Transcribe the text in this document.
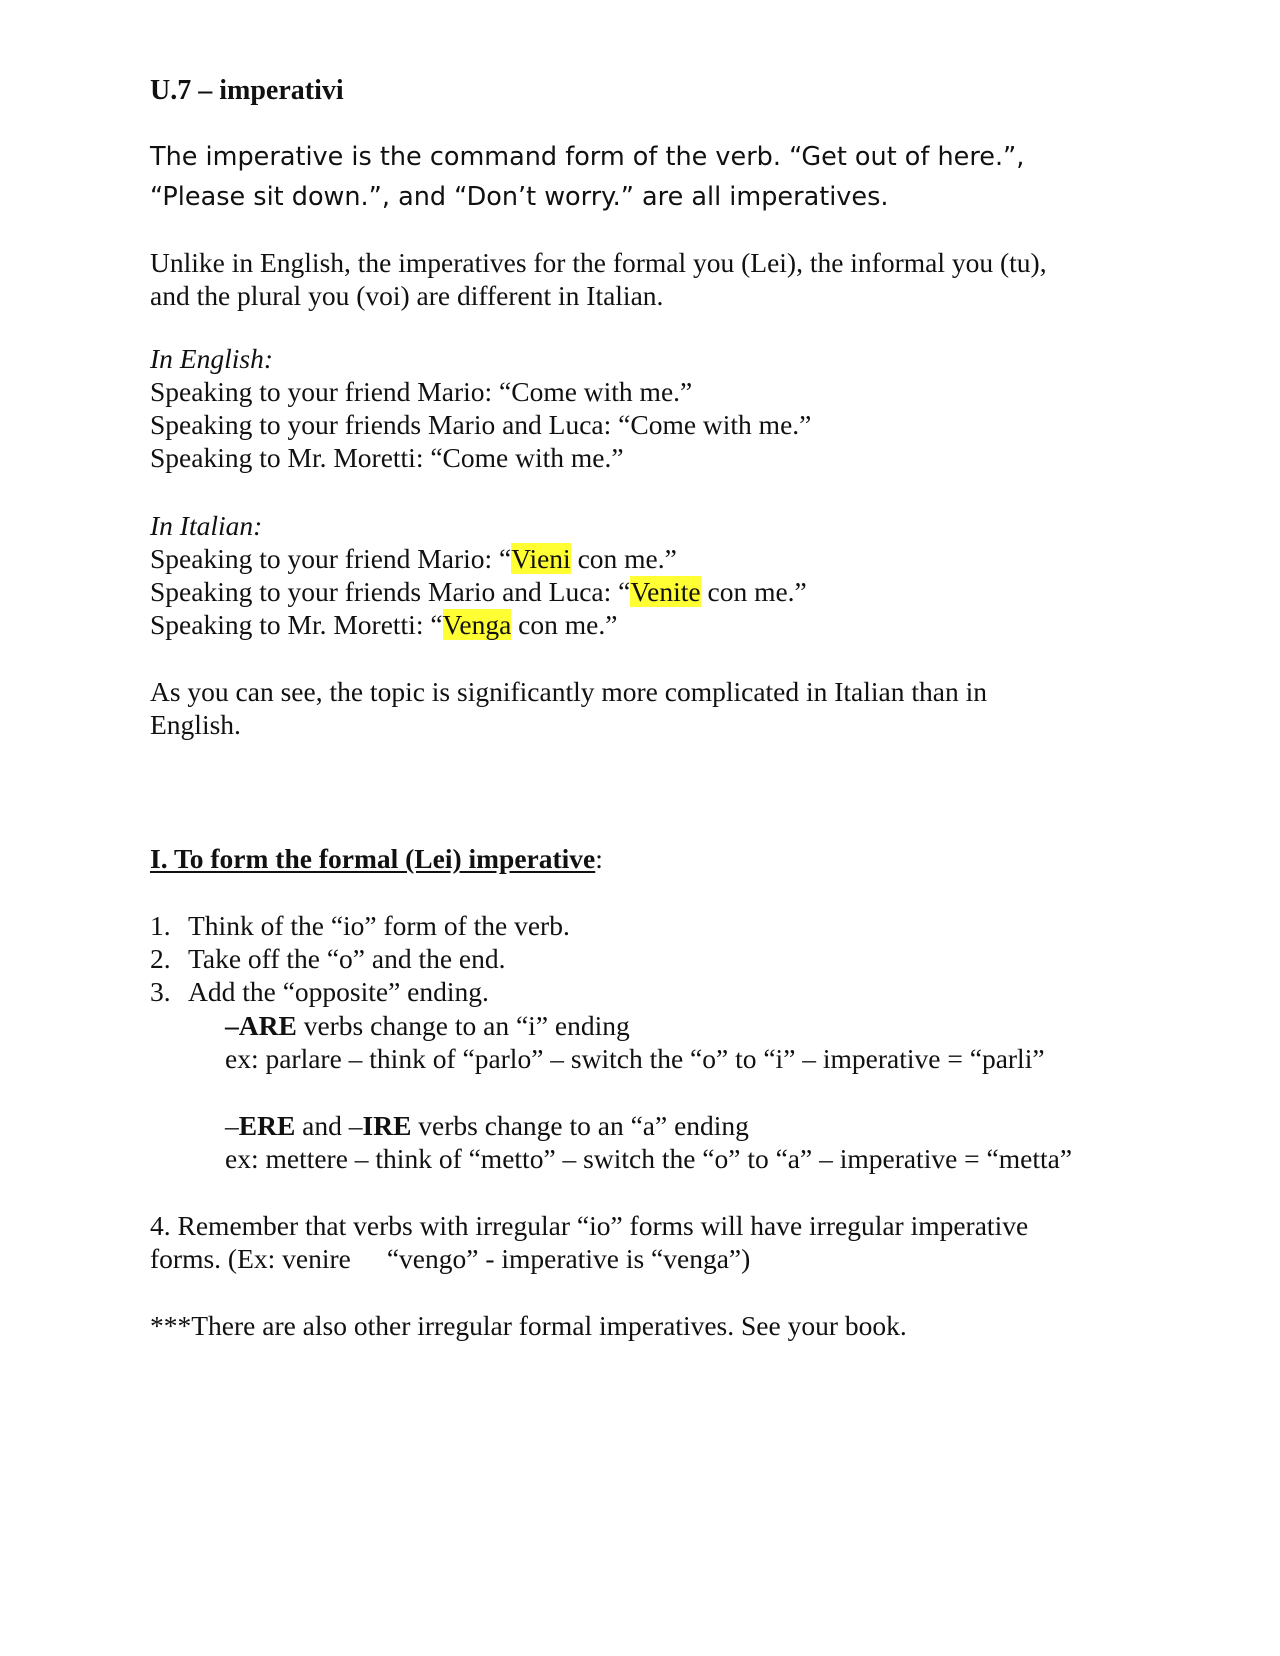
U.7 – imperativi
The imperative is the command form of the verb. “Get out of here.”,
“Please sit down.”, and “Don’t worry.” are all imperatives.
Unlike in English, the imperatives for the formal you (Lei), the informal you (tu),
and the plural you (voi) are different in Italian.
In English:
Speaking to your friend Mario: “Come with me.”
Speaking to your friends Mario and Luca: “Come with me.”
Speaking to Mr. Moretti: “Come with me.”
In Italian:
Speaking to your friend Mario: “Vieni con me.”
Speaking to your friends Mario and Luca: “Venite con me.”
Speaking to Mr. Moretti: “Venga con me.”
As you can see, the topic is significantly more complicated in Italian than in
English.
I. To form the formal (Lei) imperative:
1. Think of the “io” form of the verb.
2. Take off the “o” and the end.
3. Add the “opposite” ending.
–ARE verbs change to an “i” ending
ex: parlare – think of “parlo” – switch the “o” to “i” – imperative = “parli”
–ERE and –IRE verbs change to an “a” ending
ex: mettere – think of “metto” – switch the “o” to “a” – imperative = “metta”
4. Remember that verbs with irregular “io” forms will have irregular imperative
forms. (Ex: venire “vengo” - imperative is “venga”)
***There are also other irregular formal imperatives. See your book.
